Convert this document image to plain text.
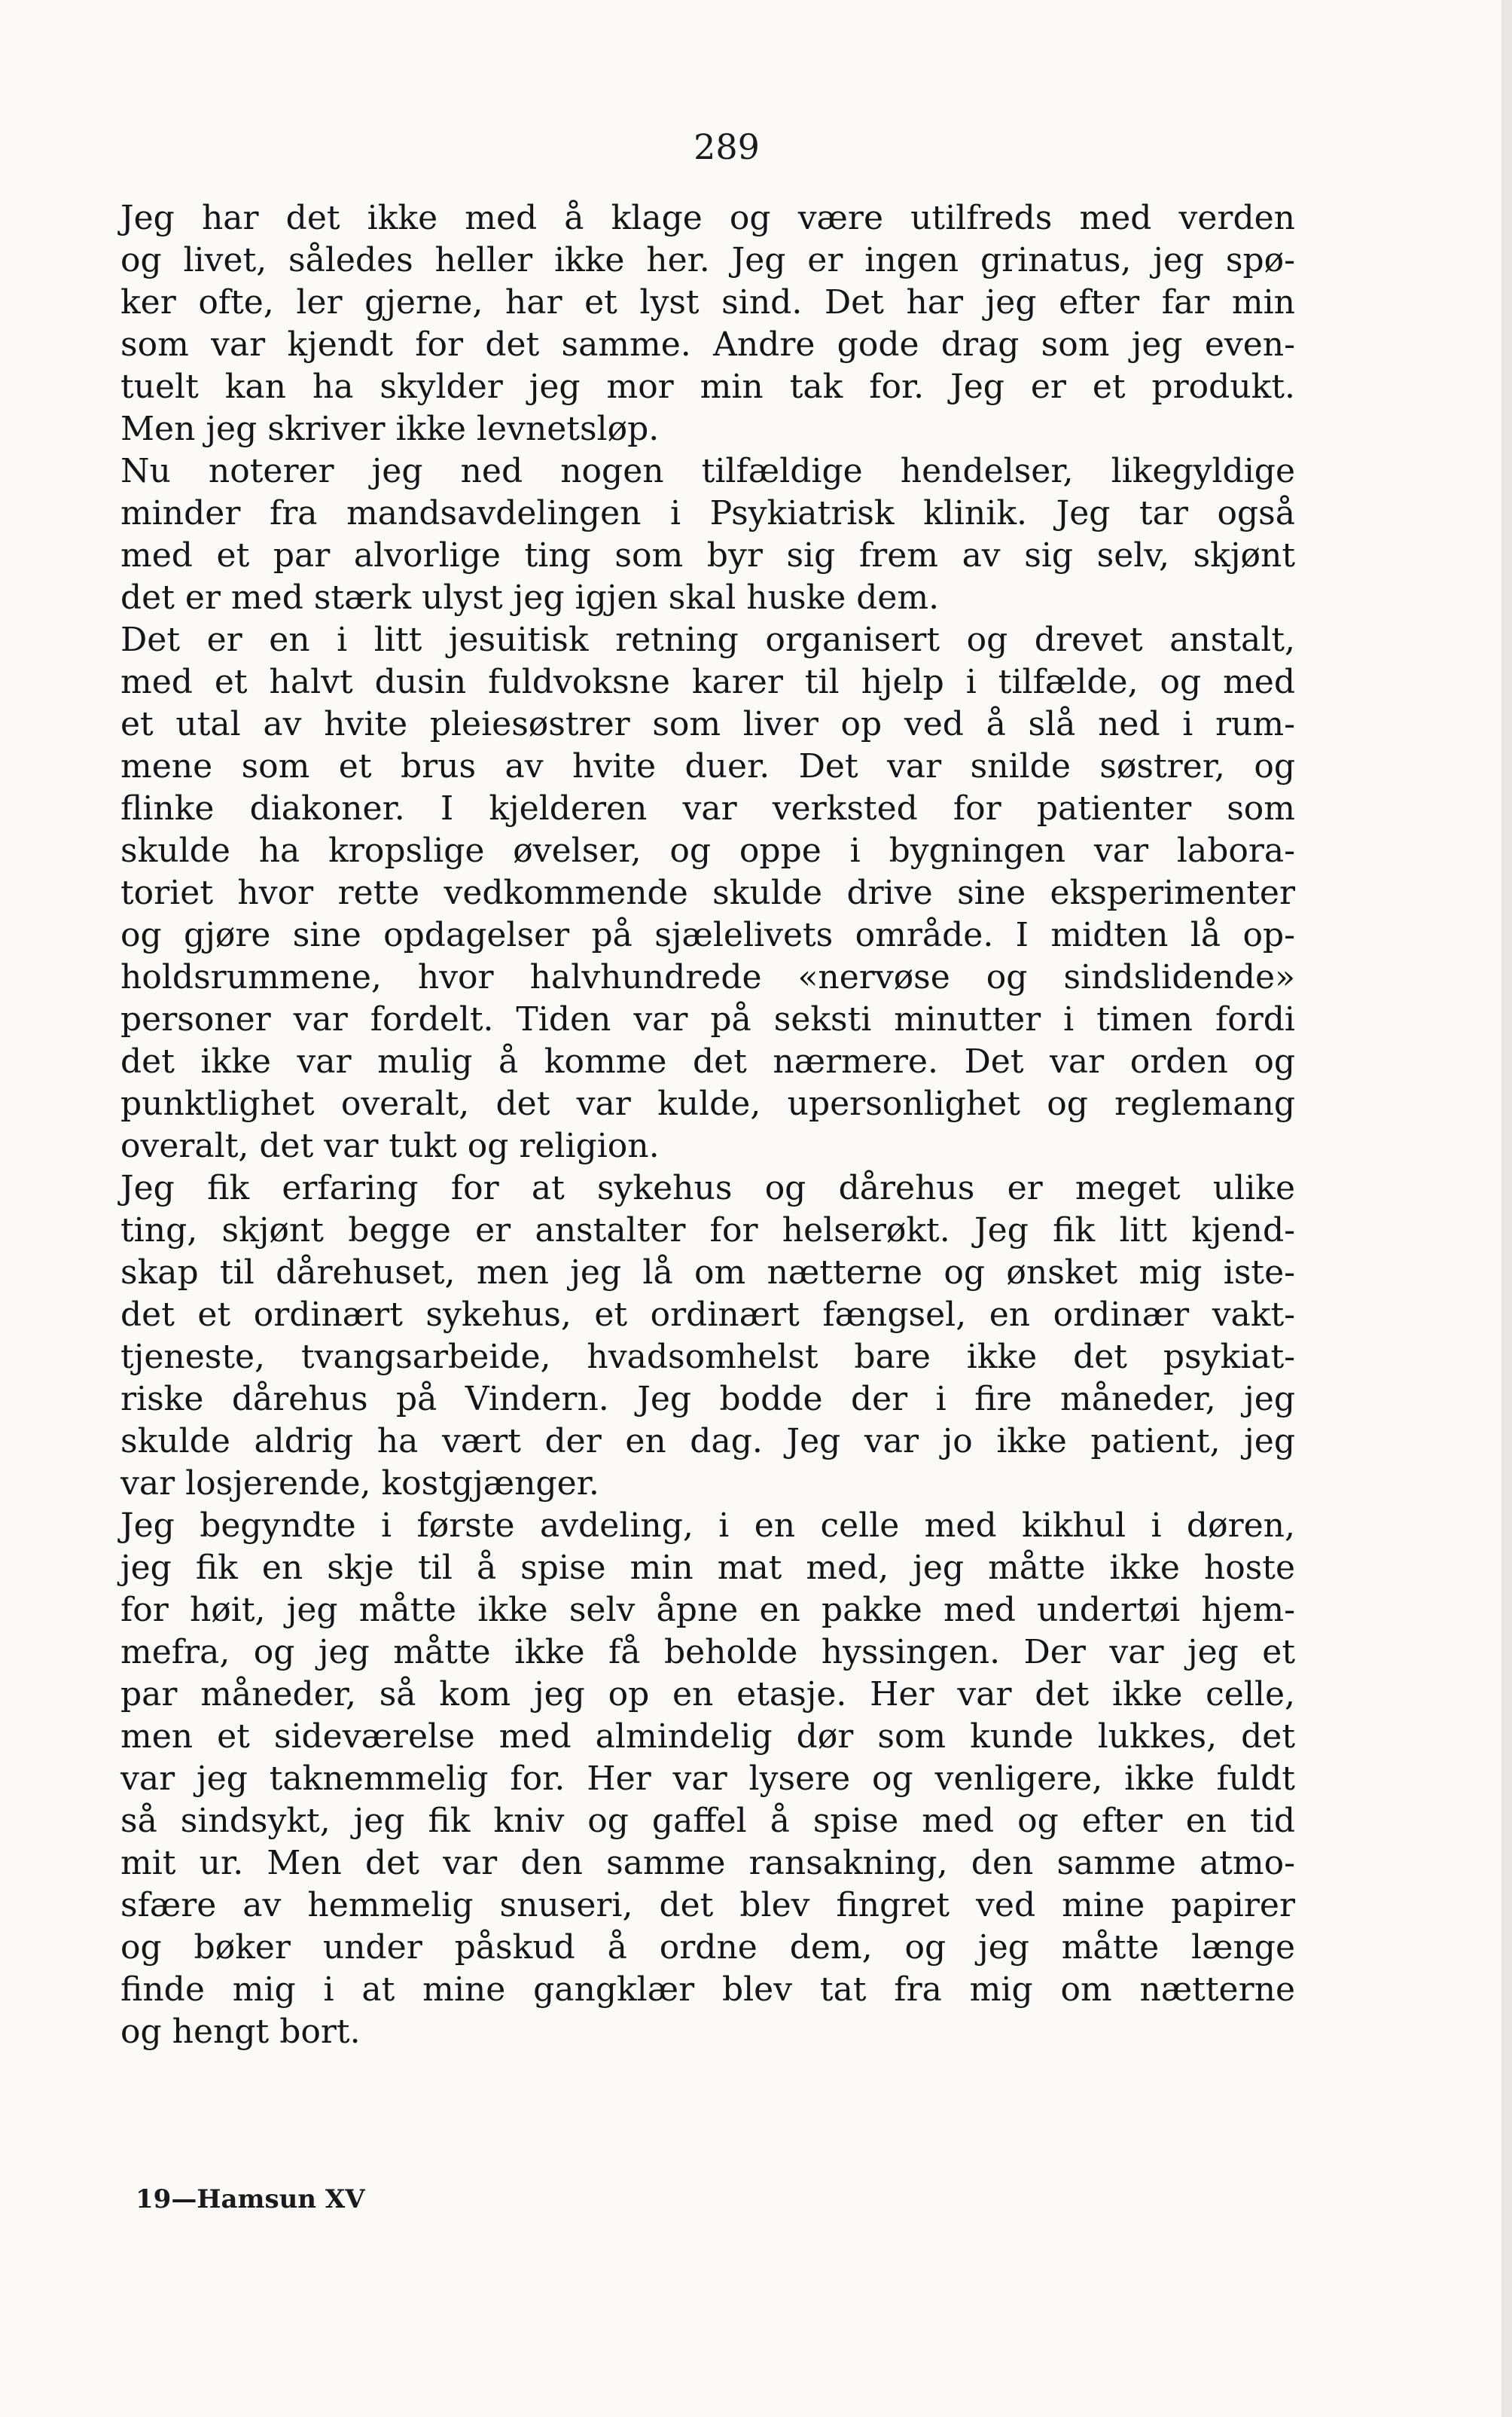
289
Jeg har det ikke med å klage og være utilfreds med verden
og livet, således heller ikke her. Jeg er ingen grinatus, jeg spø-
ker ofte, ler gjerne, har et lyst sind. Det har jeg efter far min
som var kjendt for det samme. Andre gode drag som jeg even-
tuelt kan ha skylder jeg mor min tak for. Jeg er et produkt.
Men jeg skriver ikke levnetsløp.
Nu noterer jeg ned nogen tilfældige hendelser, likegyldige
minder fra mandsavdelingen i Psykiatrisk klinik. Jeg tar også
med et par alvorlige ting som byr sig frem av sig selv, skjønt
det er med stærk ulyst jeg igjen skal huske dem.
Det er en i litt jesuitisk retning organisert og drevet anstalt,
med et halvt dusin fuldvoksne karer til hjelp i tilfælde, og med
et utal av hvite pleiesøstrer som liver op ved å slå ned i rum-
mene som et brus av hvite duer. Det var snilde søstrer, og
flinke diakoner. I kjelderen var verksted for patienter som
skulde ha kropslige øvelser, og oppe i bygningen var labora-
toriet hvor rette vedkommende skulde drive sine eksperimenter
og gjøre sine opdagelser på sjælelivets område. I midten lå op-
holdsrummene, hvor halvhundrede «nervøse og sindslidende»
personer var fordelt. Tiden var på seksti minutter i timen fordi
det ikke var mulig å komme det nærmere. Det var orden og
punktlighet overalt, det var kulde, upersonlighet og reglemang
overalt, det var tukt og religion.
Jeg fik erfaring for at sykehus og dårehus er meget ulike
ting, skjønt begge er anstalter for helserøkt. Jeg fik litt kjend-
skap til dårehuset, men jeg lå om nætterne og ønsket mig iste-
det et ordinært sykehus, et ordinært fængsel, en ordinær vakt-
tjeneste, tvangsarbeide, hvadsomhelst bare ikke det psykiat-
riske dårehus på Vindern. Jeg bodde der i fire måneder, jeg
skulde aldrig ha vært der en dag. Jeg var jo ikke patient, jeg
var losjerende, kostgjænger.
Jeg begyndte i første avdeling, i en celle med kikhul i døren,
jeg fik en skje til å spise min mat med, jeg måtte ikke hoste
for høit, jeg måtte ikke selv åpne en pakke med undertøi hjem-
mefra, og jeg måtte ikke få beholde hyssingen. Der var jeg et
par måneder, så kom jeg op en etasje. Her var det ikke celle,
men et sideværelse med almindelig dør som kunde lukkes, det
var jeg taknemmelig for. Her var lysere og venligere, ikke fuldt
så sindsykt, jeg fik kniv og gaffel å spise med og efter en tid
mit ur. Men det var den samme ransakning, den samme atmo-
sfære av hemmelig snuseri, det blev fingret ved mine papirer
og bøker under påskud å ordne dem, og jeg måtte længe
finde mig i at mine gangklær blev tat fra mig om nætterne
og hengt bort.
19—Hamsun XV
